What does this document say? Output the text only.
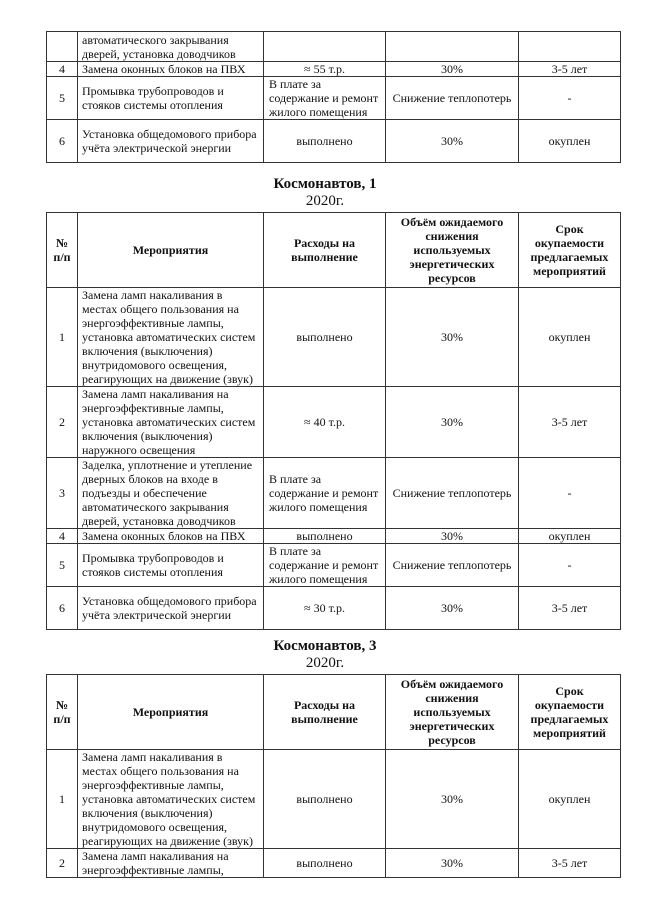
	автоматического закрывания дверей, установка доводчиков			
4	Замена оконных блоков на ПВХ	≈ 55 т.р.	30%	3-5 лет
5	Промывка трубопроводов и стояков системы отопления	В плате за содержание и ремонт жилого помещения	Снижение теплопотерь	-
6	Установка общедомового прибора учёта электрической энергии	выполнено	30%	окуплен
Космонавтов, 1
2020г.
№ п/п	Мероприятия	Расходы на выполнение	Объём ожидаемого снижения используемых энергетических ресурсов	Срок окупаемости предлагаемых мероприятий
1	Замена ламп накаливания в местах общего пользования на энергоэффективные лампы, установка автоматических систем включения (выключения) внутридомового освещения, реагирующих на движение (звук)	выполнено	30%	окуплен
2	Замена ламп накаливания на энергоэффективные лампы, установка автоматических систем включения (выключения) наружного освещения	≈ 40 т.р.	30%	3-5 лет
3	Заделка, уплотнение и утепление дверных блоков на входе в подъезды и обеспечение автоматического закрывания дверей, установка доводчиков	В плате за содержание и ремонт жилого помещения	Снижение теплопотерь	-
4	Замена оконных блоков на ПВХ	выполнено	30%	окуплен
5	Промывка трубопроводов и стояков системы отопления	В плате за содержание и ремонт жилого помещения	Снижение теплопотерь	-
6	Установка общедомового прибора учёта электрической энергии	≈ 30 т.р.	30%	3-5 лет
Космонавтов, 3
2020г.
№ п/п	Мероприятия	Расходы на выполнение	Объём ожидаемого снижения используемых энергетических ресурсов	Срок окупаемости предлагаемых мероприятий
1	Замена ламп накаливания в местах общего пользования на энергоэффективные лампы, установка автоматических систем включения (выключения) внутридомового освещения, реагирующих на движение (звук)	выполнено	30%	окуплен
2	Замена ламп накаливания на энергоэффективные лампы,	выполнено	30%	3-5 лет
